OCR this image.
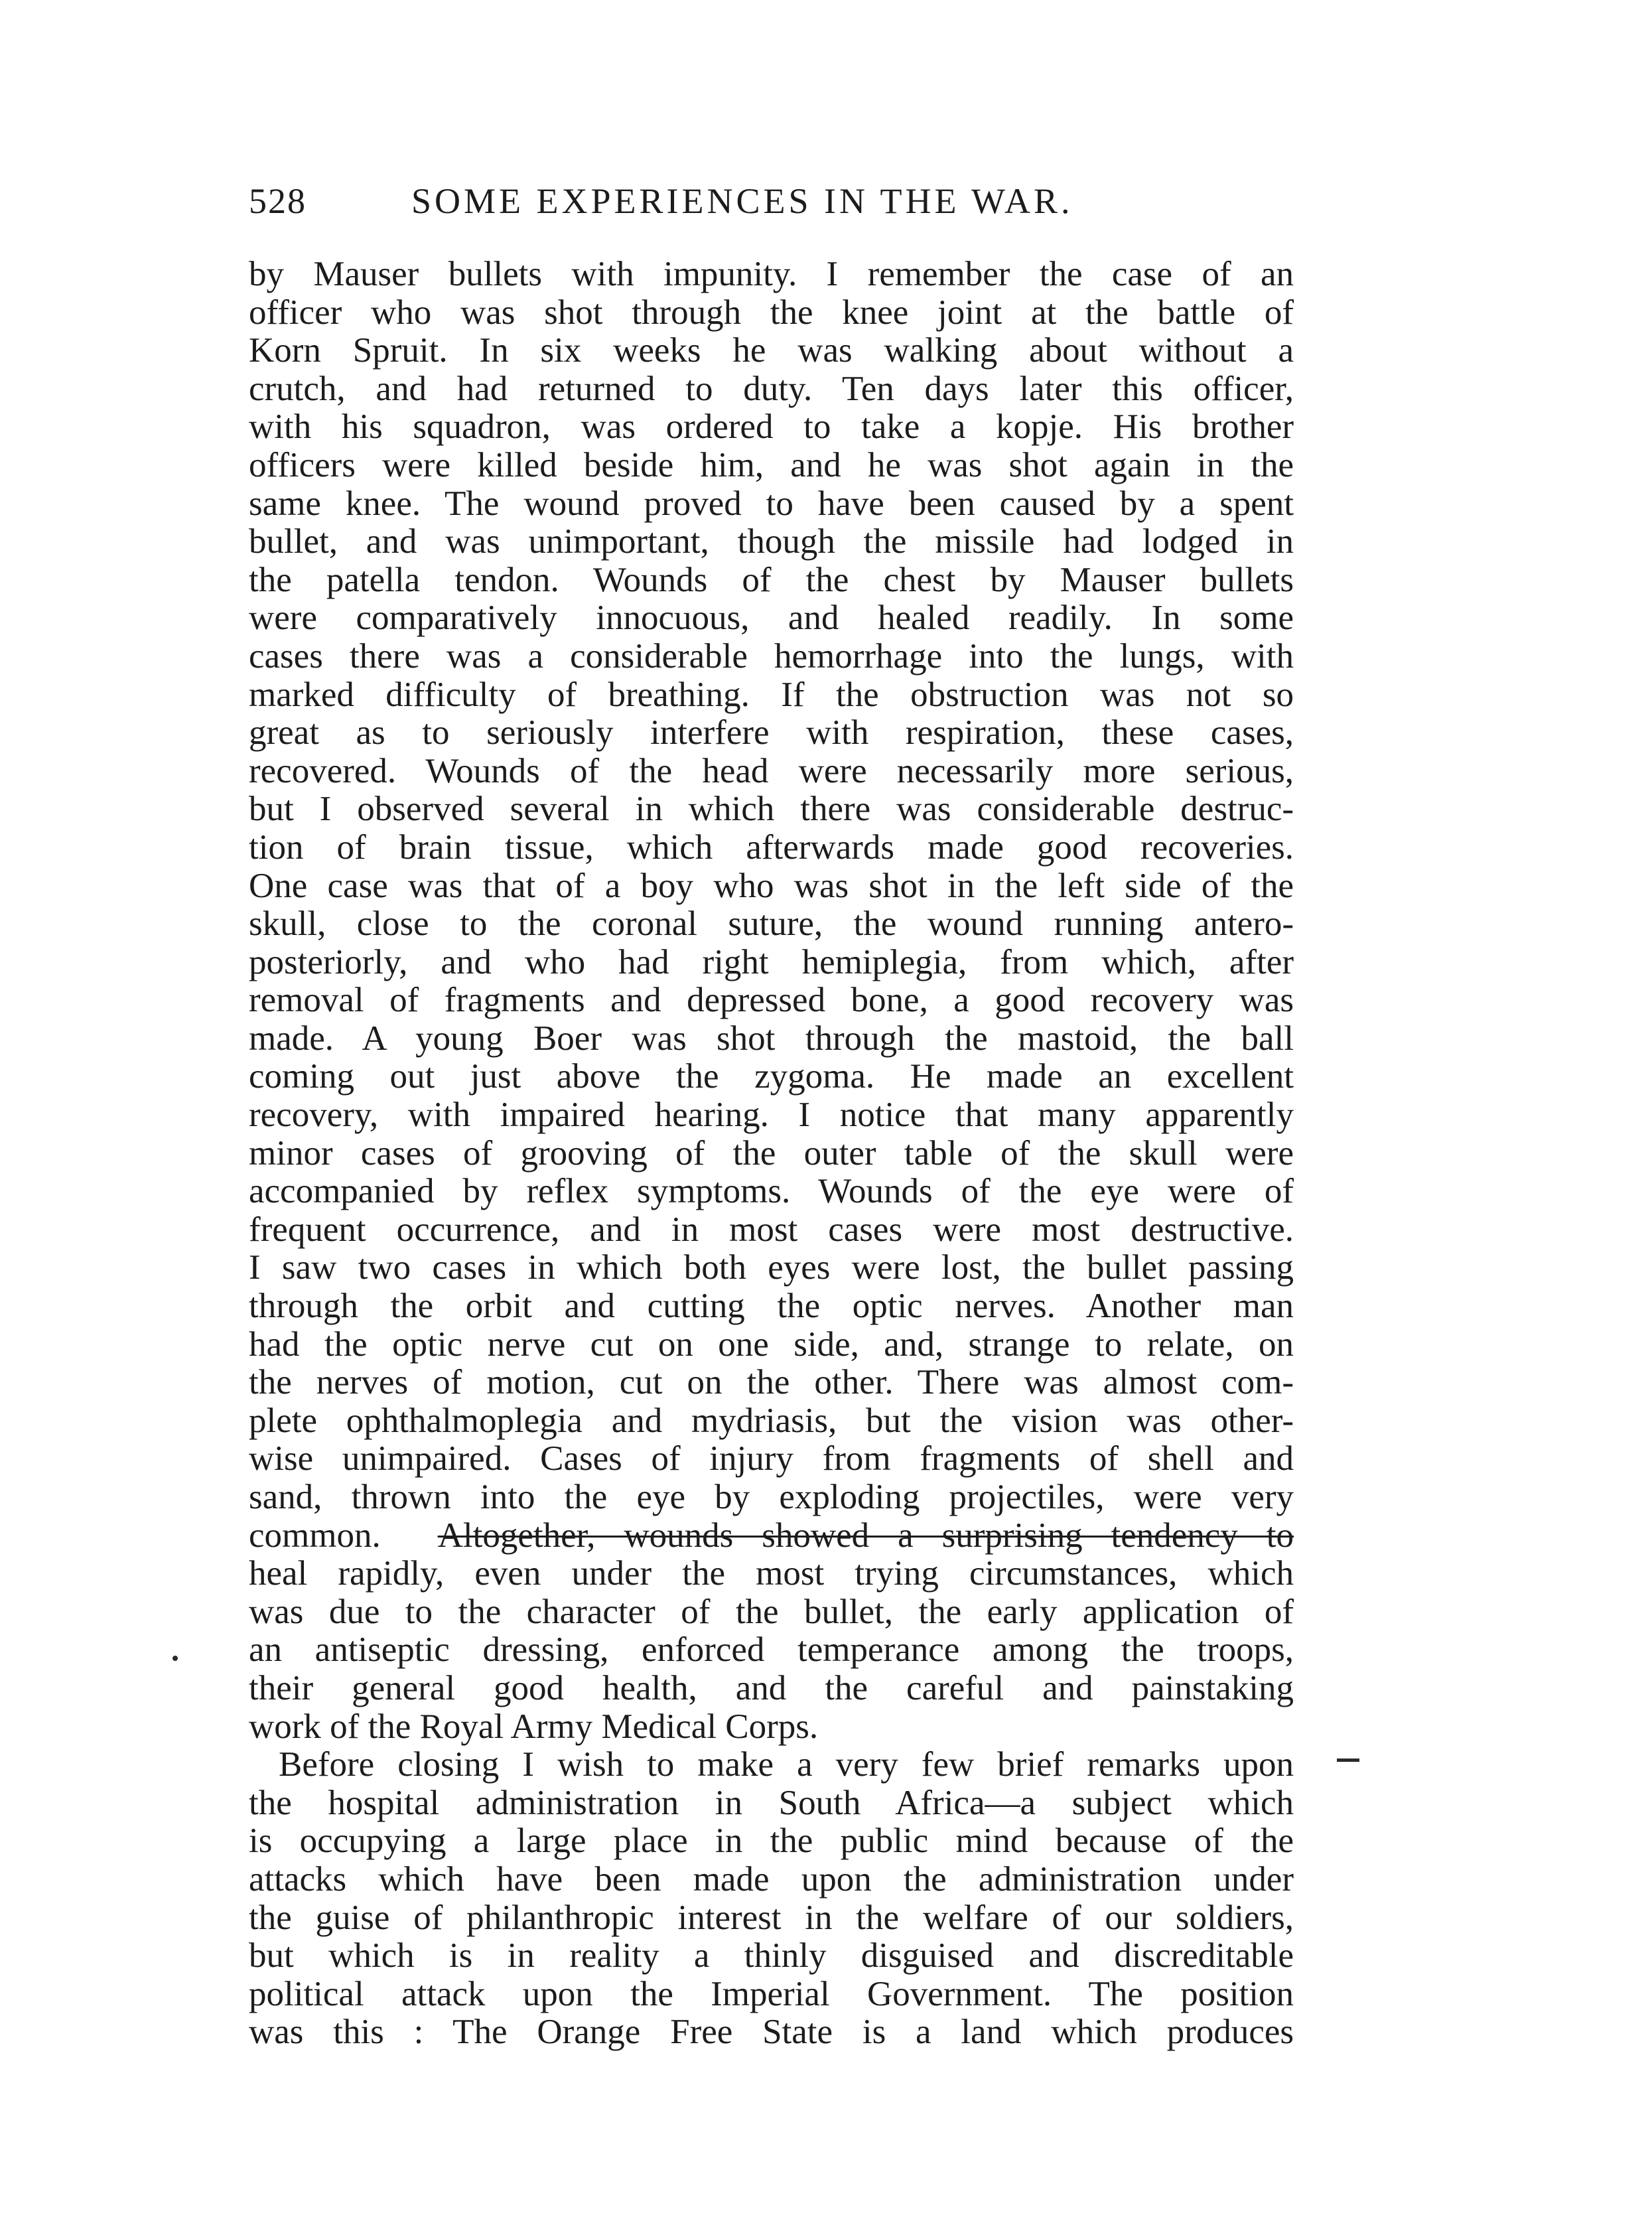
528	SOME EXPERIENCES IN THE WAR.
by Mauser bullets with impunity. I remember the case of an
officer who was shot through the knee joint at the battle of
Korn Spruit. In six weeks he was walking about without a
crutch, and had returned to duty. Ten days later this officer,
with his squadron, was ordered to take a kopje. His brother
officers were killed beside him, and he was shot again in the
same knee. The wound proved to have been caused by a spent
bullet, and was unimportant, though the missile had lodged in
the patella tendon. Wounds of the chest by Mauser bullets
were comparatively innocuous, and healed readily. In some
cases there was a considerable hemorrhage into the lungs, with
marked difficulty of breathing. If the obstruction was not so
great as to seriously interfere with respiration, these cases,
recovered. Wounds of the head were necessarily more serious,
but I observed several in which there was considerable destruc-
tion of brain tissue, which afterwards made good recoveries.
One case was that of a boy who was shot in the left side of the
skull, close to the coronal suture, the wound running antero-
posteriorly, and who had right hemiplegia, from which, after
removal of fragments and depressed bone, a good recovery was
made. A young Boer was shot through the mastoid, the ball
coming out just above the zygoma. He made an excellent
recovery, with impaired hearing. I notice that many apparently
minor cases of grooving of the outer table of the skull were
accompanied by reflex symptoms. Wounds of the eye were of
frequent occurrence, and in most cases were most destructive.
I saw two cases in which both eyes were lost, the bullet passing
through the orbit and cutting the optic nerves. Another man
had the optic nerve cut on one side, and, strange to relate, on
the nerves of motion, cut on the other. There was almost com-
plete ophthalmoplegia and mydriasis, but the vision was other-
wise unimpaired. Cases of injury from fragments of shell and
sand, thrown into the eye by exploding projectiles, were very
common. Altogether, wounds showed a surprising tendency to
heal rapidly, even under the most trying circumstances, which
was due to the character of the bullet, the early application of
an antiseptic dressing, enforced temperance among the troops,
their general good health, and the careful and painstaking
work of the Royal Army Medical Corps.
Before closing I wish to make a very few brief remarks upon
the hospital administration in South Africa—a subject which
is occupying a large place in the public mind because of the
attacks which have been made upon the administration under
the guise of philanthropic interest in the welfare of our soldiers,
but which is in reality a thinly disguised and discreditable
political attack upon the Imperial Government. The position
was this : The Orange Free State is a land which produces
